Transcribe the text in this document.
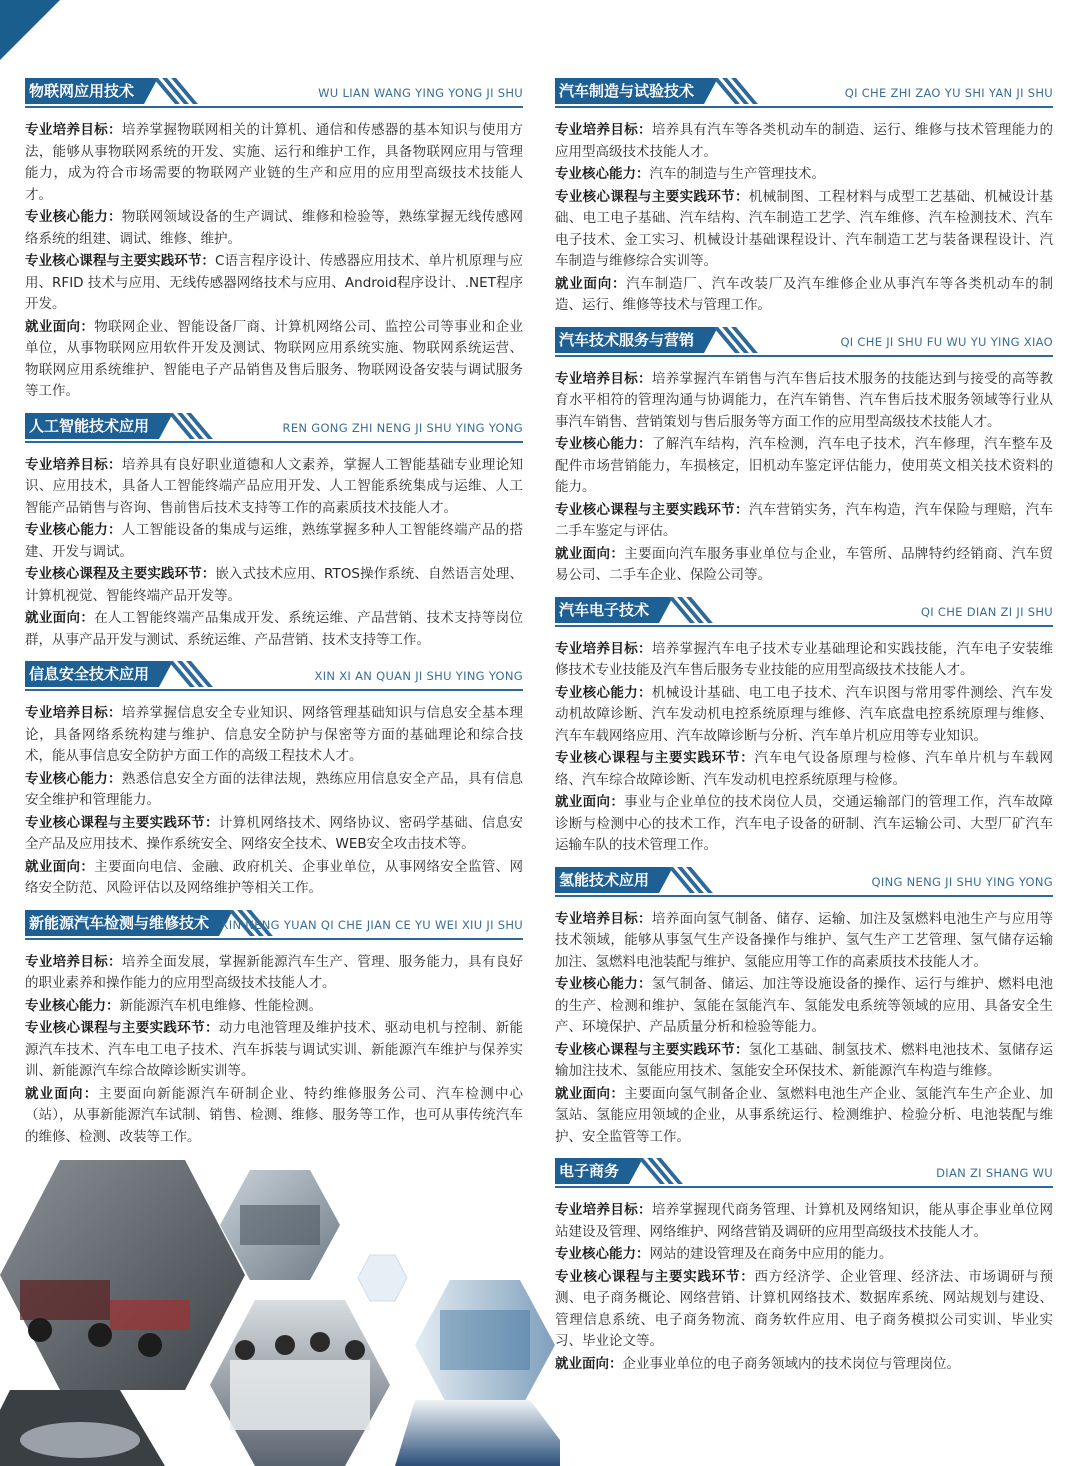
物联网应用技术	WU LIAN WANG YING YONG JI SHU

专业培养目标：培养掌握物联网相关的计算机、通信和传感器的基本知识与使用方法，能够从事物联网系统的开发、实施、运行和维护工作，具备物联网应用与管理能力，成为符合市场需要的物联网产业链的生产和应用的应用型高级技术技能人才。

专业核心能力：物联网领域设备的生产调试、维修和检验等，熟练掌握无线传感网络系统的组建、调试、维修、维护。

专业核心课程与主要实践环节：C语言程序设计、传感器应用技术、单片机原理与应用、RFID 技术与应用、无线传感器网络技术与应用、Android程序设计、.NET程序开发。

就业面向：物联网企业、智能设备厂商、计算机网络公司、监控公司等事业和企业单位，从事物联网应用软件开发及测试、物联网应用系统实施、物联网系统运营、物联网应用系统维护、智能电子产品销售及售后服务、物联网设备安装与调试服务等工作。

人工智能技术应用	REN GONG ZHI NENG JI SHU YING YONG

专业培养目标：培养具有良好职业道德和人文素养，掌握人工智能基础专业理论知识、应用技术，具备人工智能终端产品应用开发、人工智能系统集成与运维、人工智能产品销售与咨询、售前售后技术支持等工作的高素质技术技能人才。

专业核心能力：人工智能设备的集成与运维，熟练掌握多种人工智能终端产品的搭建、开发与调试。

专业核心课程及主要实践环节：嵌入式技术应用、RTOS操作系统、自然语言处理、计算机视觉、智能终端产品开发等。

就业面向：在人工智能终端产品集成开发、系统运维、产品营销、技术支持等岗位群，从事产品开发与测试、系统运维、产品营销、技术支持等工作。

信息安全技术应用	XIN XI AN QUAN JI SHU YING YONG

专业培养目标：培养掌握信息安全专业知识、网络管理基础知识与信息安全基本理论，具备网络系统构建与维护、信息安全防护与保密等方面的基础理论和综合技术，能从事信息安全防护方面工作的高级工程技术人才。

专业核心能力：熟悉信息安全方面的法律法规，熟练应用信息安全产品，具有信息安全维护和管理能力。

专业核心课程与主要实践环节：计算机网络技术、网络协议、密码学基础、信息安全产品及应用技术、操作系统安全、网络安全技术、WEB安全攻击技术等。

就业面向：主要面向电信、金融、政府机关、企事业单位，从事网络安全监管、网络安全防范、风险评估以及网络维护等相关工作。

新能源汽车检测与维修技术	XIN NENG YUAN QI CHE JIAN CE YU WEI XIU JI SHU

专业培养目标：培养全面发展，掌握新能源汽车生产、管理、服务能力，具有良好的职业素养和操作能力的应用型高级技术技能人才。

专业核心能力：新能源汽车机电维修、性能检测。

专业核心课程与主要实践环节：动力电池管理及维护技术、驱动电机与控制、新能源汽车技术、汽车电工电子技术、汽车拆装与调试实训、新能源汽车维护与保养实训、新能源汽车综合故障诊断实训等。

就业面向：主要面向新能源汽车研制企业、特约维修服务公司、汽车检测中心（站），从事新能源汽车试制、销售、检测、维修、服务等工作，也可从事传统汽车的维修、检测、改装等工作。

汽车制造与试验技术	QI CHE ZHI ZAO YU SHI YAN JI SHU

专业培养目标：培养具有汽车等各类机动车的制造、运行、维修与技术管理能力的应用型高级技术技能人才。

专业核心能力：汽车的制造与生产管理技术。

专业核心课程与主要实践环节：机械制图、工程材料与成型工艺基础、机械设计基础、电工电子基础、汽车结构、汽车制造工艺学、汽车维修、汽车检测技术、汽车电子技术、金工实习、机械设计基础课程设计、汽车制造工艺与装备课程设计、汽车制造与维修综合实训等。

就业面向：汽车制造厂、汽车改装厂及汽车维修企业从事汽车等各类机动车的制造、运行、维修等技术与管理工作。

汽车技术服务与营销	QI CHE JI SHU FU WU YU YING XIAO

专业培养目标：培养掌握汽车销售与汽车售后技术服务的技能达到与接受的高等教育水平相符的管理沟通与协调能力，在汽车销售、汽车售后技术服务领域等行业从事汽车销售、营销策划与售后服务等方面工作的应用型高级技术技能人才。

专业核心能力：了解汽车结构，汽车检测，汽车电子技术，汽车修理，汽车整车及配件市场营销能力，车损核定，旧机动车鉴定评估能力，使用英文相关技术资料的能力。

专业核心课程与主要实践环节：汽车营销实务，汽车构造，汽车保险与理赔，汽车二手车鉴定与评估。

就业面向：主要面向汽车服务事业单位与企业，车管所、品牌特约经销商、汽车贸易公司、二手车企业、保险公司等。

汽车电子技术	QI CHE DIAN ZI JI SHU

专业培养目标：培养掌握汽车电子技术专业基础理论和实践技能，汽车电子安装维修技术专业技能及汽车售后服务专业技能的应用型高级技术技能人才。

专业核心能力：机械设计基础、电工电子技术、汽车识图与常用零件测绘、汽车发动机故障诊断、汽车发动机电控系统原理与维修、汽车底盘电控系统原理与维修、汽车车载网络应用、汽车故障诊断与分析、汽车单片机应用等专业知识。

专业核心课程与主要实践环节：汽车电气设备原理与检修、汽车单片机与车载网络、汽车综合故障诊断、汽车发动机电控系统原理与检修。

就业面向：事业与企业单位的技术岗位人员，交通运输部门的管理工作，汽车故障诊断与检测中心的技术工作，汽车电子设备的研制、汽车运输公司、大型厂矿汽车运输车队的技术管理工作。

氢能技术应用	QING NENG JI SHU YING YONG

专业培养目标：培养面向氢气制备、储存、运输、加注及氢燃料电池生产与应用等技术领域，能够从事氢气生产设备操作与维护、氢气生产工艺管理、氢气储存运输加注、氢燃料电池装配与维护、氢能应用等工作的高素质技术技能人才。

专业核心能力：氢气制备、储运、加注等设施设备的操作、运行与维护、燃料电池的生产、检测和维护、氢能在氢能汽车、氢能发电系统等领域的应用、具备安全生产、环境保护、产品质量分析和检验等能力。

专业核心课程与主要实践环节：氢化工基础、制氢技术、燃料电池技术、氢储存运输加注技术、氢能应用技术、氢能安全环保技术、新能源汽车构造与维修。

就业面向：主要面向氢气制备企业、氢燃料电池生产企业、氢能汽车生产企业、加氢站、氢能应用领域的企业，从事系统运行、检测维护、检验分析、电池装配与维护、安全监管等工作。

电子商务	DIAN ZI SHANG WU

专业培养目标：培养掌握现代商务管理、计算机及网络知识，能从事企事业单位网站建设及管理、网络维护、网络营销及调研的应用型高级技术技能人才。

专业核心能力：网站的建设管理及在商务中应用的能力。

专业核心课程与主要实践环节：西方经济学、企业管理、经济法、市场调研与预测、电子商务概论、网络营销、计算机网络技术、数据库系统、网站规划与建设、管理信息系统、电子商务物流、商务软件应用、电子商务模拟公司实训、毕业实习、毕业论文等。

就业面向：企业事业单位的电子商务领域内的技术岗位与管理岗位。
